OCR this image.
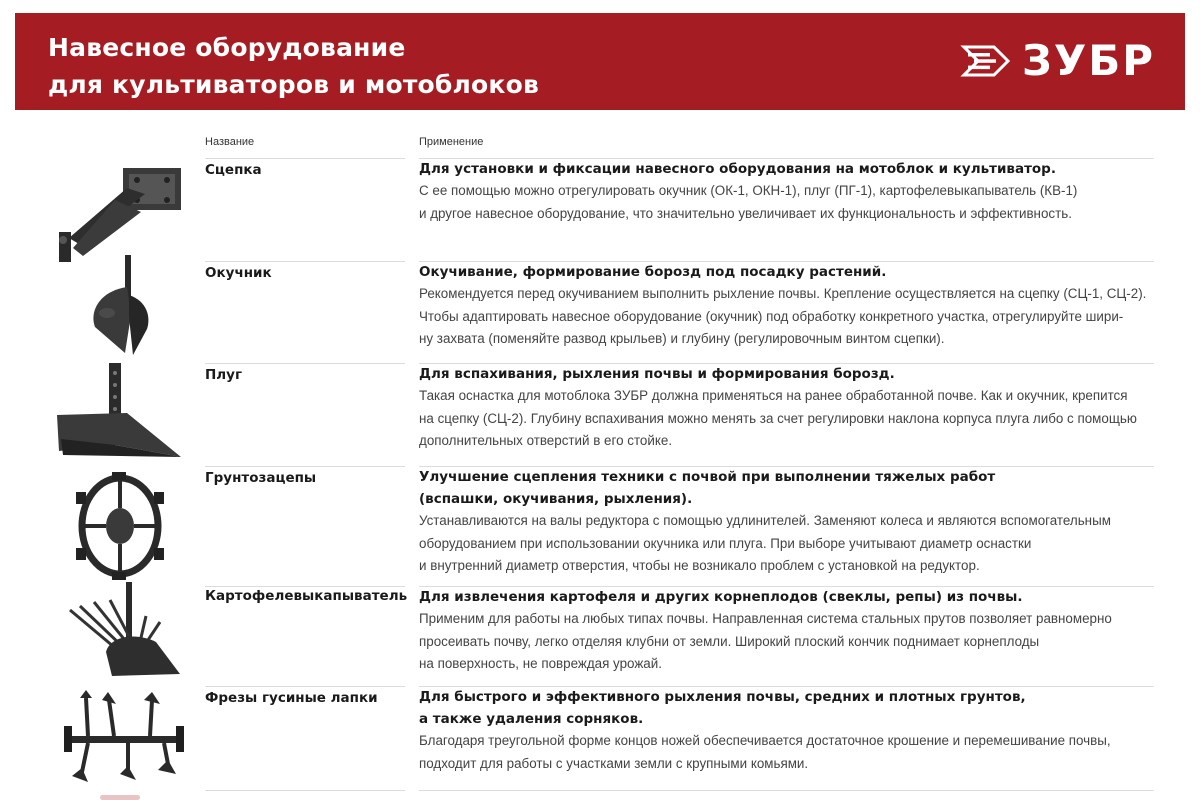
Навесное оборудование
для культиваторов и мотоблоков	ЗУБР
Название	Применение
Сцепка	Для установки и фиксации навесного оборудования на мотоблок и культиватор.
С ее помощью можно отрегулировать окучник (ОК-1, ОКН-1), плуг (ПГ-1), картофелевыкапыватель (КВ-1)
и другое навесное оборудование, что значительно увеличивает их функциональность и эффективность.
Окучник	Окучивание, формирование борозд под посадку растений.
Рекомендуется перед окучиванием выполнить рыхление почвы. Крепление осуществляется на сцепку (СЦ-1, СЦ-2).
Чтобы адаптировать навесное оборудование (окучник) под обработку конкретного участка, отрегулируйте шири-
ну захвата (поменяйте развод крыльев) и глубину (регулировочным винтом сцепки).
Плуг	Для вспахивания, рыхления почвы и формирования борозд.
Такая оснастка для мотоблока ЗУБР должна применяться на ранее обработанной почве. Как и окучник, крепится
на сцепку (СЦ-2). Глубину вспахивания можно менять за счет регулировки наклона корпуса плуга либо с помощью
дополнительных отверстий в его стойке.
Грунтозацепы	Улучшение сцепления техники с почвой при выполнении тяжелых работ
(вспашки, окучивания, рыхления).
Устанавливаются на валы редуктора с помощью удлинителей. Заменяют колеса и являются вспомогательным
оборудованием при использовании окучника или плуга. При выборе учитывают диаметр оснастки
и внутренний диаметр отверстия, чтобы не возникало проблем с установкой на редуктор.
Картофелевыкапыватель Для извлечения картофеля и других корнеплодов (свеклы, репы) из почвы.
Применим для работы на любых типах почвы. Направленная система стальных прутов позволяет равномерно
просеивать почву, легко отделяя клубни от земли. Широкий плоский кончик поднимает корнеплоды
на поверхность, не повреждая урожай.
Фрезы гусиные лапки	Для быстрого и эффективного рыхления почвы, средних и плотных грунтов,
а также удаления сорняков.
Благодаря треугольной форме концов ножей обеспечивается достаточное крошение и перемешивание почвы,
подходит для работы с участками земли с крупными комьями.
